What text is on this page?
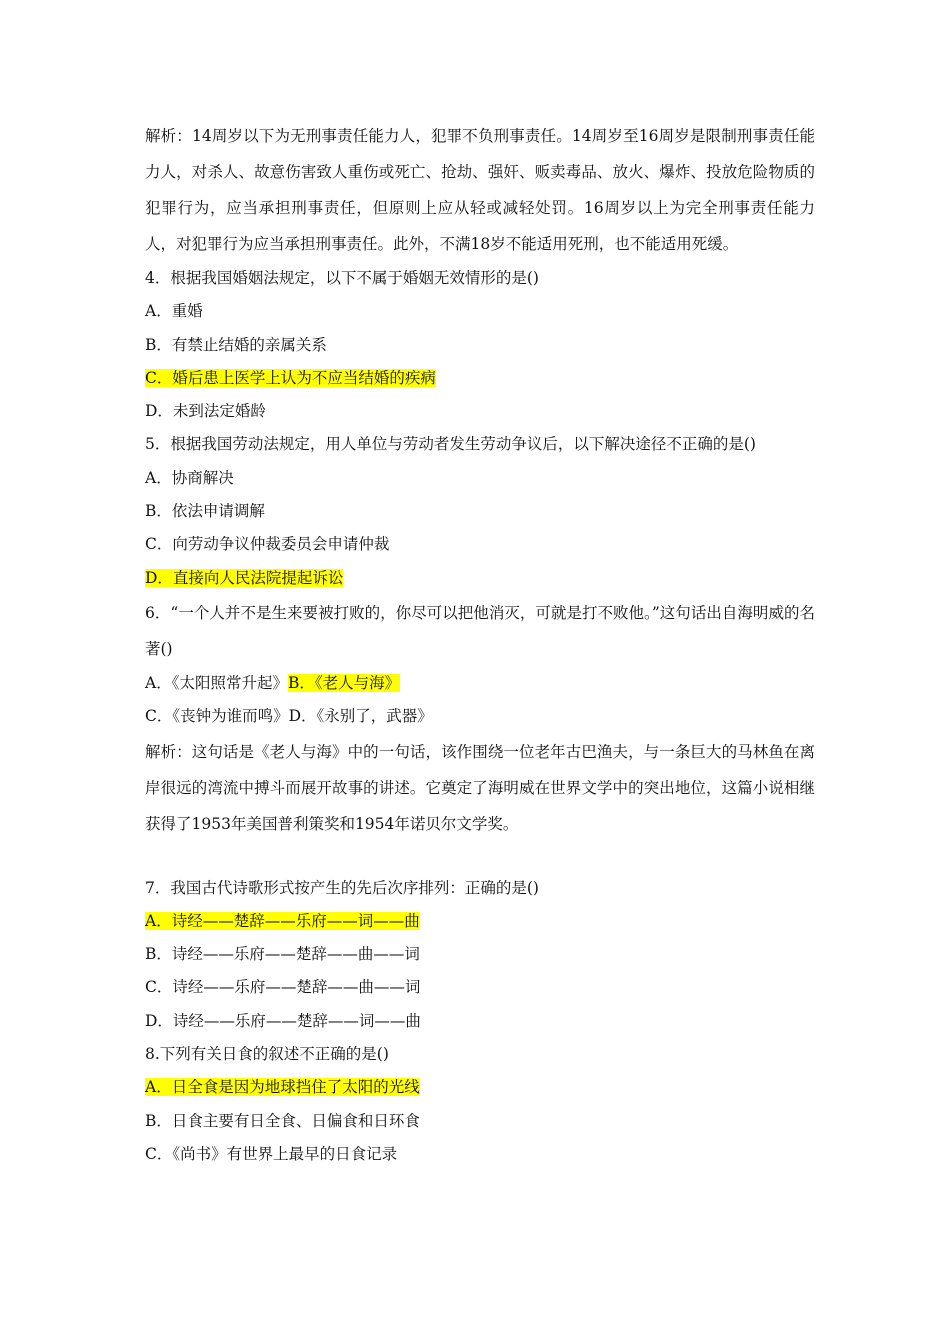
解析：14周岁以下为无刑事责任能力人，犯罪不负刑事责任。14周岁至16周岁是限制刑事责任能力人，对杀人、故意伤害致人重伤或死亡、抢劫、强奸、贩卖毒品、放火、爆炸、投放危险物质的犯罪行为，应当承担刑事责任，但原则上应从轻或减轻处罚。16周岁以上为完全刑事责任能力人，对犯罪行为应当承担刑事责任。此外，不满18岁不能适用死刑，也不能适用死缓。

4．根据我国婚姻法规定，以下不属于婚姻无效情形的是()

A．重婚

B．有禁止结婚的亲属关系

C．婚后患上医学上认为不应当结婚的疾病

D．未到法定婚龄

5．根据我国劳动法规定，用人单位与劳动者发生劳动争议后，以下解决途径不正确的是()

A．协商解决

B．依法申请调解

C．向劳动争议仲裁委员会申请仲裁

D．直接向人民法院提起诉讼

6．“一个人并不是生来要被打败的，你尽可以把他消灭，可就是打不败他。”这句话出自海明威的名著()

A．《太阳照常升起》B．《老人与海》

C．《丧钟为谁而鸣》D．《永别了，武器》

解析：这句话是《老人与海》中的一句话，该作围绕一位老年古巴渔夫，与一条巨大的马林鱼在离岸很远的湾流中搏斗而展开故事的讲述。它奠定了海明威在世界文学中的突出地位，这篇小说相继获得了1953年美国普利策奖和1954年诺贝尔文学奖。

7．我国古代诗歌形式按产生的先后次序排列：正确的是()

A．诗经——楚辞——乐府——词——曲

B．诗经——乐府——楚辞——曲——词

C．诗经——乐府——楚辞——曲——词

D．诗经——乐府——楚辞——词——曲

8.下列有关日食的叙述不正确的是()

A．日全食是因为地球挡住了太阳的光线

B．日食主要有日全食、日偏食和日环食

C．《尚书》有世界上最早的日食记录
